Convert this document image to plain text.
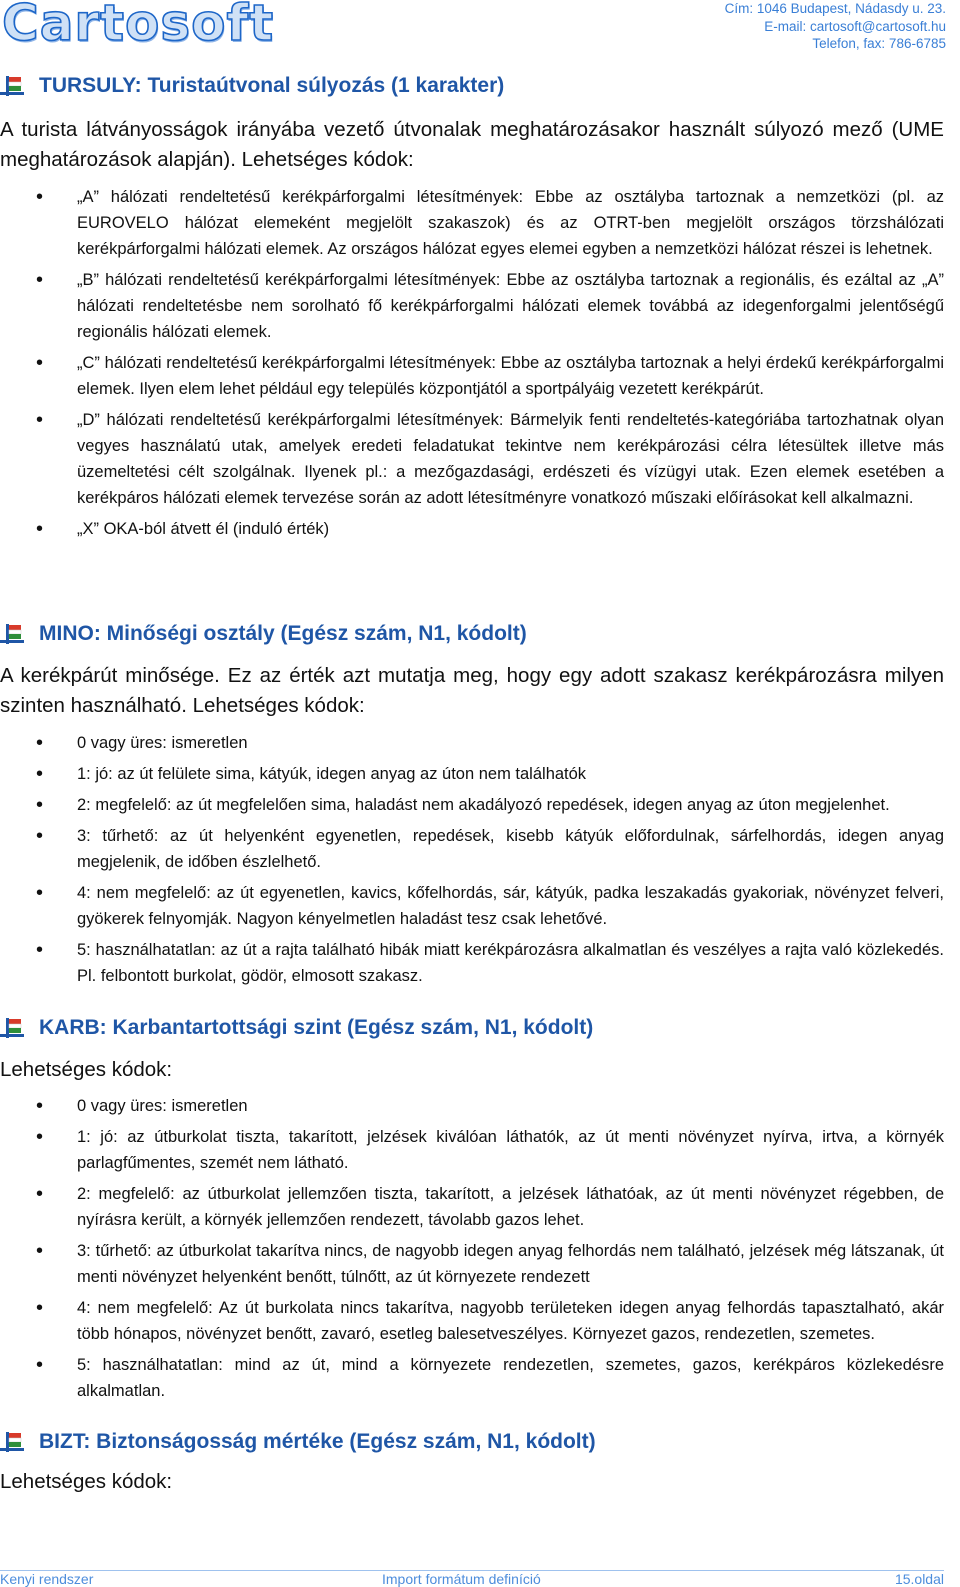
Cartosoft	Cím: 1046 Budapest, Nádasdy u. 23.
E-mail: cartosoft@cartosoft.hu
Telefon, fax: 786-6785
TURSULY: Turistaútvonal súlyozás (1 karakter)
A turista látványosságok irányába vezető útvonalak meghatározásakor használt súlyozó mező (UME meghatározások alapján). Lehetséges kódok:
• „A” hálózati rendeltetésű kerékpárforgalmi létesítmények: Ebbe az osztályba tartoznak a nemzetközi (pl. az EUROVELO hálózat elemeként megjelölt szakaszok) és az OTRT-ben megjelölt országos törzshálózati kerékpárforgalmi hálózati elemek. Az országos hálózat egyes elemei egyben a nemzetközi hálózat részei is lehetnek.
• „B” hálózati rendeltetésű kerékpárforgalmi létesítmények: Ebbe az osztályba tartoznak a regionális, és ezáltal az „A” hálózati rendeltetésbe nem sorolható fő kerékpárforgalmi hálózati elemek továbbá az idegenforgalmi jelentőségű regionális hálózati elemek.
• „C” hálózati rendeltetésű kerékpárforgalmi létesítmények: Ebbe az osztályba tartoznak a helyi érdekű kerékpárforgalmi elemek. Ilyen elem lehet például egy település központjától a sportpályáig vezetett kerékpárút.
• „D” hálózati rendeltetésű kerékpárforgalmi létesítmények: Bármelyik fenti rendeltetés-kategóriába tartozhatnak olyan vegyes használatú utak, amelyek eredeti feladatukat tekintve nem kerékpározási célra létesültek illetve más üzemeltetési célt szolgálnak. Ilyenek pl.: a mezőgazdasági, erdészeti és vízügyi utak. Ezen elemek esetében a kerékpáros hálózati elemek tervezése során az adott létesítményre vonatkozó műszaki előírásokat kell alkalmazni.
• „X” OKA-ból átvett él (induló érték)
MINO: Minőségi osztály (Egész szám, N1, kódolt)
A kerékpárút minősége. Ez az érték azt mutatja meg, hogy egy adott szakasz kerékpározásra milyen szinten használható. Lehetséges kódok:
• 0 vagy üres: ismeretlen
• 1: jó: az út felülete sima, kátyúk, idegen anyag az úton nem találhatók
• 2: megfelelő: az út megfelelően sima, haladást nem akadályozó repedések, idegen anyag az úton megjelenhet.
• 3: tűrhető: az út helyenként egyenetlen, repedések, kisebb kátyúk előfordulnak, sárfelhordás, idegen anyag megjelenik, de időben észlelhető.
• 4: nem megfelelő: az út egyenetlen, kavics, kőfelhordás, sár, kátyúk, padka leszakadás gyakoriak, növényzet felveri, gyökerek felnyomják. Nagyon kényelmetlen haladást tesz csak lehetővé.
• 5: használhatatlan: az út a rajta található hibák miatt kerékpározásra alkalmatlan és veszélyes a rajta való közlekedés. Pl. felbontott burkolat, gödör, elmosott szakasz.
KARB: Karbantartottsági szint (Egész szám, N1, kódolt)
Lehetséges kódok:
• 0 vagy üres: ismeretlen
• 1: jó: az útburkolat tiszta, takarított, jelzések kiválóan láthatók, az út menti növényzet nyírva, irtva, a környék parlagfűmentes, szemét nem látható.
• 2: megfelelő: az útburkolat jellemzően tiszta, takarított, a jelzések láthatóak, az út menti növényzet régebben, de nyírásra került, a környék jellemzően rendezett, távolabb gazos lehet.
• 3: tűrhető: az útburkolat takarítva nincs, de nagyobb idegen anyag felhordás nem található, jelzések még látszanak, út menti növényzet helyenként benőtt, túlnőtt, az út környezete rendezett
• 4: nem megfelelő: Az út burkolata nincs takarítva, nagyobb területeken idegen anyag felhordás tapasztalható, akár több hónapos, növényzet benőtt, zavaró, esetleg balesetveszélyes. Környezet gazos, rendezetlen, szemetes.
• 5: használhatatlan: mind az út, mind a környezete rendezetlen, szemetes, gazos, kerékpáros közlekedésre alkalmatlan.
BIZT: Biztonságosság mértéke (Egész szám, N1, kódolt)
Lehetséges kódok:
Kenyi rendszer	Import formátum definíció	15.oldal
